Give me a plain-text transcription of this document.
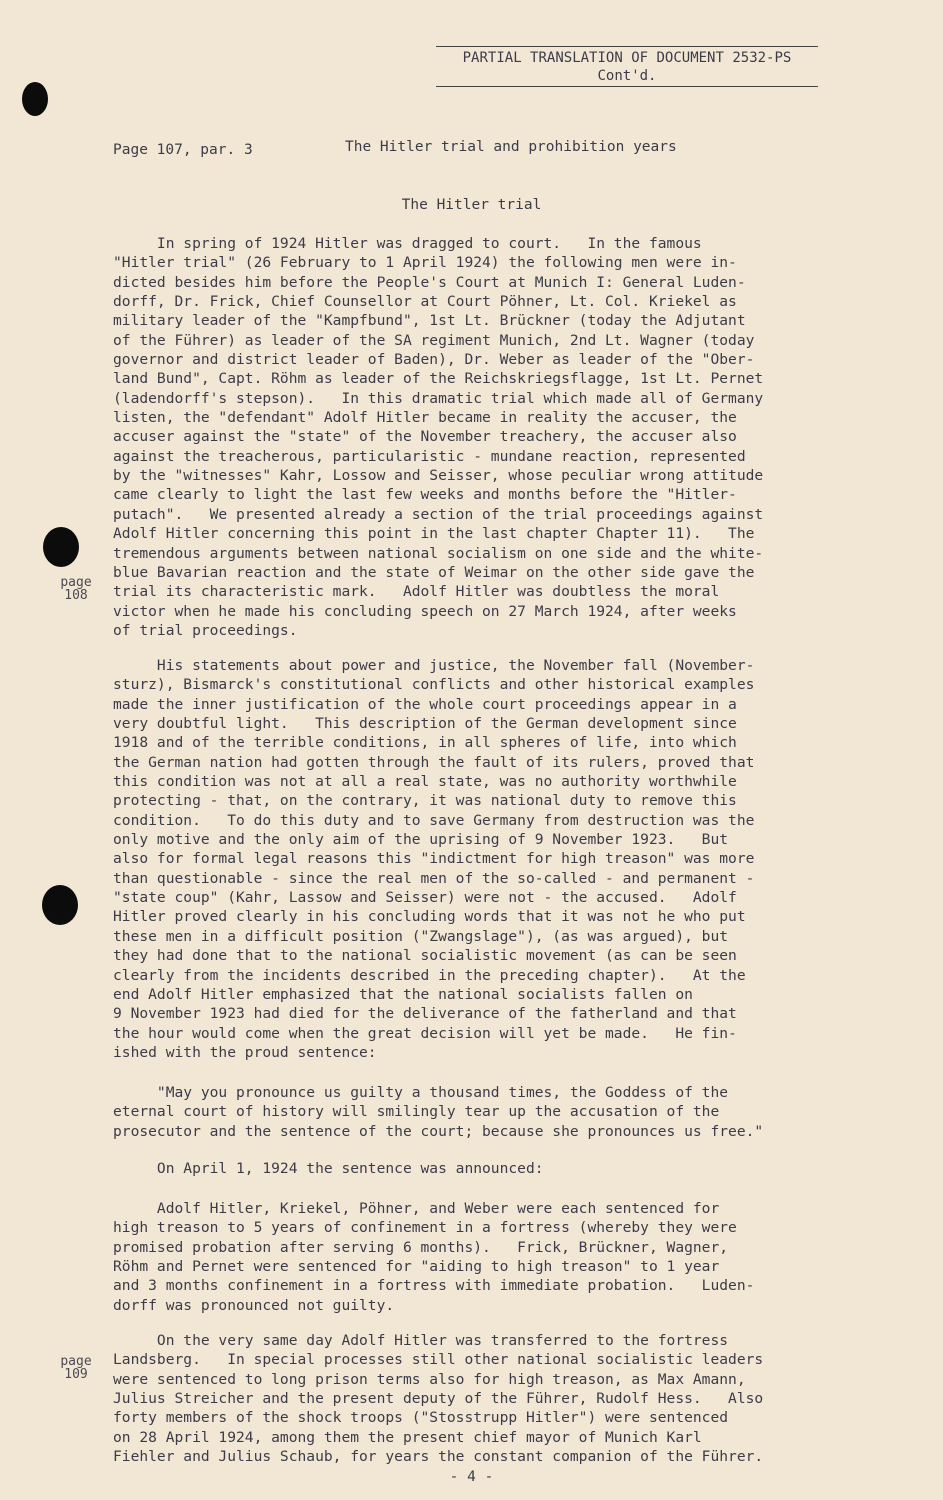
PARTIAL TRANSLATION OF DOCUMENT 2532-PS
Cont'd.
Page 107, par. 3	The Hitler trial and prohibition years
The Hitler trial
page
108
page
109
In spring of 1924 Hitler was dragged to court.   In the famous
"Hitler trial" (26 February to 1 April 1924) the following men were in-
dicted besides him before the People's Court at Munich I: General Luden-
dorff, Dr. Frick, Chief Counsellor at Court Pöhner, Lt. Col. Kriekel as
military leader of the "Kampfbund", 1st Lt. Brückner (today the Adjutant
of the Führer) as leader of the SA regiment Munich, 2nd Lt. Wagner (today
governor and district leader of Baden), Dr. Weber as leader of the "Ober-
land Bund", Capt. Röhm as leader of the Reichskriegsflagge, 1st Lt. Pernet
(ladendorff's stepson).   In this dramatic trial which made all of Germany
listen, the "defendant" Adolf Hitler became in reality the accuser, the
accuser against the "state" of the November treachery, the accuser also
against the treacherous, particularistic - mundane reaction, represented
by the "witnesses" Kahr, Lossow and Seisser, whose peculiar wrong attitude
came clearly to light the last few weeks and months before the "Hitler-
putach".   We presented already a section of the trial proceedings against
Adolf Hitler concerning this point in the last chapter Chapter 11).   The
tremendous arguments between national socialism on one side and the white-
blue Bavarian reaction and the state of Weimar on the other side gave the
trial its characteristic mark.   Adolf Hitler was doubtless the moral
victor when he made his concluding speech on 27 March 1924, after weeks
of trial proceedings.
His statements about power and justice, the November fall (November-
sturz), Bismarck's constitutional conflicts and other historical examples
made the inner justification of the whole court proceedings appear in a
very doubtful light.   This description of the German development since
1918 and of the terrible conditions, in all spheres of life, into which
the German nation had gotten through the fault of its rulers, proved that
this condition was not at all a real state, was no authority worthwhile
protecting - that, on the contrary, it was national duty to remove this
condition.   To do this duty and to save Germany from destruction was the
only motive and the only aim of the uprising of 9 November 1923.   But
also for formal legal reasons this "indictment for high treason" was more
than questionable - since the real men of the so-called - and permanent -
"state coup" (Kahr, Lassow and Seisser) were not - the accused.   Adolf
Hitler proved clearly in his concluding words that it was not he who put
these men in a difficult position ("Zwangslage"), (as was argued), but
they had done that to the national socialistic movement (as can be seen
clearly from the incidents described in the preceding chapter).   At the
end Adolf Hitler emphasized that the national socialists fallen on
9 November 1923 had died for the deliverance of the fatherland and that
the hour would come when the great decision will yet be made.   He fin-
ished with the proud sentence:
"May you pronounce us guilty a thousand times, the Goddess of the
eternal court of history will smilingly tear up the accusation of the
prosecutor and the sentence of the court; because she pronounces us free."
On April 1, 1924 the sentence was announced:
Adolf Hitler, Kriekel, Pöhner, and Weber were each sentenced for
high treason to 5 years of confinement in a fortress (whereby they were
promised probation after serving 6 months).   Frick, Brückner, Wagner,
Röhm and Pernet were sentenced for "aiding to high treason" to 1 year
and 3 months confinement in a fortress with immediate probation.   Luden-
dorff was pronounced not guilty.
On the very same day Adolf Hitler was transferred to the fortress
Landsberg.   In special processes still other national socialistic leaders
were sentenced to long prison terms also for high treason, as Max Amann,
Julius Streicher and the present deputy of the Führer, Rudolf Hess.   Also
forty members of the shock troops ("Stosstrupp Hitler") were sentenced
on 28 April 1924, among them the present chief mayor of Munich Karl
Fiehler and Julius Schaub, for years the constant companion of the Führer.
- 4 -
